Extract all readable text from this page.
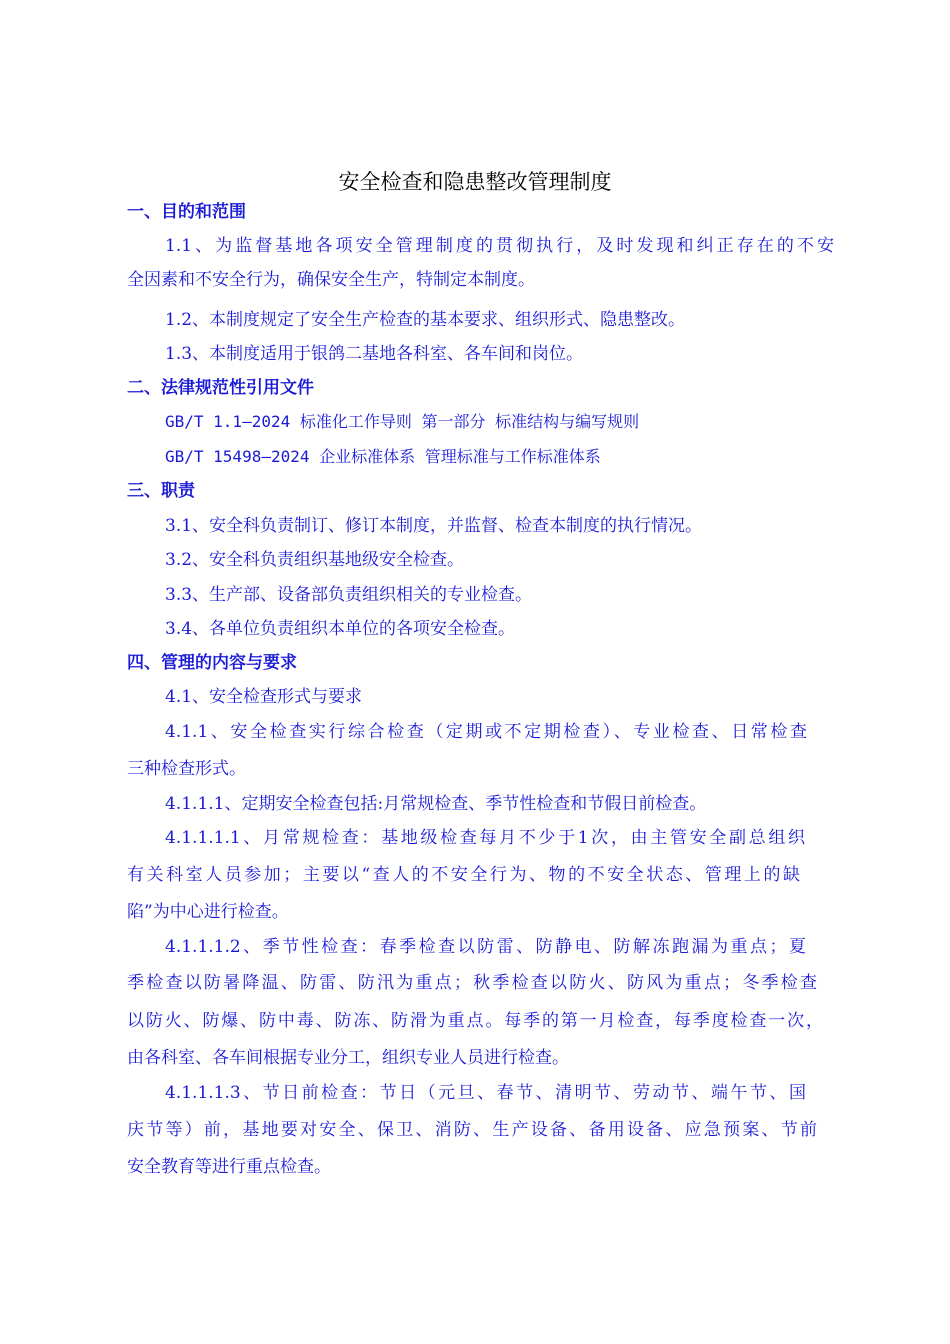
安全检查和隐患整改管理制度
一、目的和范围
1.1、为监督基地各项安全管理制度的贯彻执行，及时发现和纠正存在的不安
全因素和不安全行为，确保安全生产，特制定本制度。
1.2、本制度规定了安全生产检查的基本要求、组织形式、隐患整改。
1.3、本制度适用于银鸽二基地各科室、各车间和岗位。
二、法律规范性引用文件
GB/T 1.1—2024 标准化工作导则 第一部分 标准结构与编写规则
GB/T 15498—2024 企业标准体系 管理标准与工作标准体系
三、职责
3.1、安全科负责制订、修订本制度，并监督、检查本制度的执行情况。
3.2、安全科负责组织基地级安全检查。
3.3、生产部、设备部负责组织相关的专业检查。
3.4、各单位负责组织本单位的各项安全检查。
四、管理的内容与要求
4.1、安全检查形式与要求
4.1.1、安全检查实行综合检查（定期或不定期检查）、专业检查、日常检查
三种检查形式。
4.1.1.1、定期安全检查包括:月常规检查、季节性检查和节假日前检查。
4.1.1.1.1、月常规检查：基地级检查每月不少于1次，由主管安全副总组织
有关科室人员参加；主要以“查人的不安全行为、物的不安全状态、管理上的缺
陷”为中心进行检查。
4.1.1.1.2、季节性检查：春季检查以防雷、防静电、防解冻跑漏为重点；夏
季检查以防暑降温、防雷、防汛为重点；秋季检查以防火、防风为重点；冬季检查
以防火、防爆、防中毒、防冻、防滑为重点。每季的第一月检查，每季度检查一次，
由各科室、各车间根据专业分工，组织专业人员进行检查。
4.1.1.1.3、节日前检查：节日（元旦、春节、清明节、劳动节、端午节、国
庆节等）前，基地要对安全、保卫、消防、生产设备、备用设备、应急预案、节前
安全教育等进行重点检查。
